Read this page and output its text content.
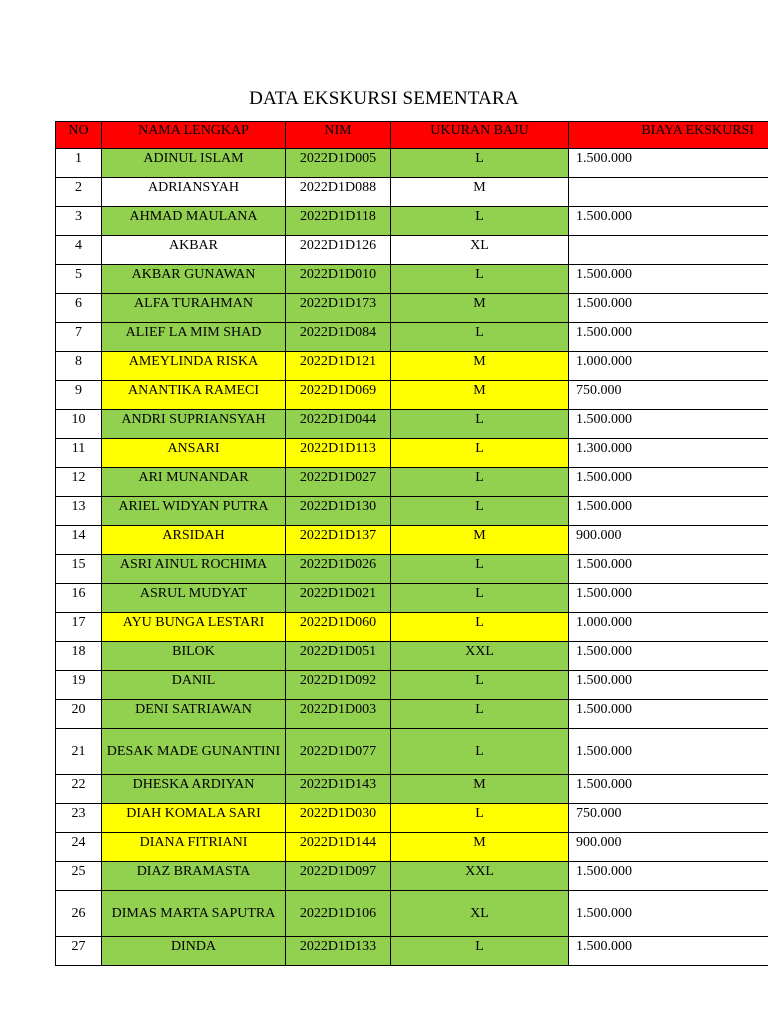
DATA EKSKURSI SEMENTARA
NO	NAMA LENGKAP	NIM	UKURAN BAJU	BIAYA EKSKURSI
1	ADINUL ISLAM	2022D1D005	L	1.500.000
2	ADRIANSYAH	2022D1D088	M	
3	AHMAD MAULANA	2022D1D118	L	1.500.000
4	AKBAR	2022D1D126	XL	
5	AKBAR GUNAWAN	2022D1D010	L	1.500.000
6	ALFA TURAHMAN	2022D1D173	M	1.500.000
7	ALIEF LA MIM SHAD	2022D1D084	L	1.500.000
8	AMEYLINDA RISKA	2022D1D121	M	1.000.000
9	ANANTIKA RAMECI	2022D1D069	M	750.000
10	ANDRI SUPRIANSYAH	2022D1D044	L	1.500.000
11	ANSARI	2022D1D113	L	1.300.000
12	ARI MUNANDAR	2022D1D027	L	1.500.000
13	ARIEL WIDYAN PUTRA	2022D1D130	L	1.500.000
14	ARSIDAH	2022D1D137	M	900.000
15	ASRI AINUL ROCHIMA	2022D1D026	L	1.500.000
16	ASRUL MUDYAT	2022D1D021	L	1.500.000
17	AYU BUNGA LESTARI	2022D1D060	L	1.000.000
18	BILOK	2022D1D051	XXL	1.500.000
19	DANIL	2022D1D092	L	1.500.000
20	DENI SATRIAWAN	2022D1D003	L	1.500.000
21	DESAK MADE GUNANTINI	2022D1D077	L	1.500.000
22	DHESKA ARDIYAN	2022D1D143	M	1.500.000
23	DIAH KOMALA SARI	2022D1D030	L	750.000
24	DIANA FITRIANI	2022D1D144	M	900.000
25	DIAZ BRAMASTA	2022D1D097	XXL	1.500.000
26	DIMAS MARTA SAPUTRA	2022D1D106	XL	1.500.000
27	DINDA	2022D1D133	L	1.500.000
